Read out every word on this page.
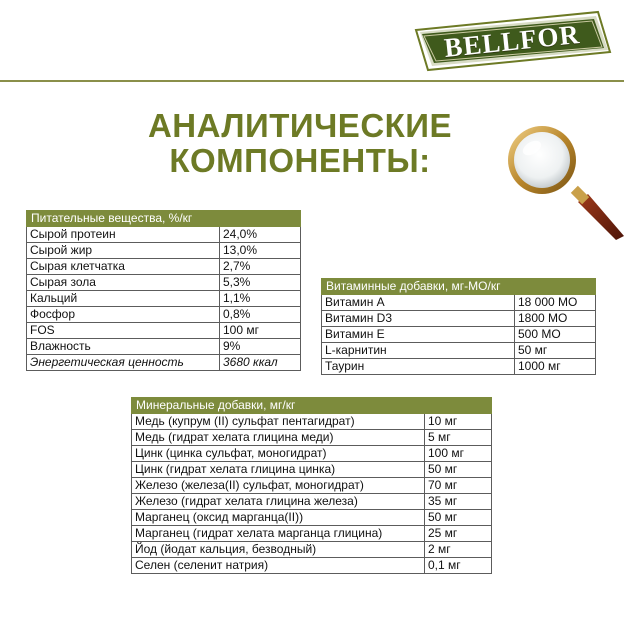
BELLFOR
АНАЛИТИЧЕСКИЕ
КОМПОНЕНТЫ:
Питательные вещества, %/кг	
Сырой протеин	24,0%
Сырой жир	13,0%
Сырая клетчатка	2,7%
Сырая зола	5,3%
Кальций	1,1%
Фосфор	0,8%
FOS	100 мг
Влажность	9%
Энергетическая ценность	3680 ккал
Витаминные добавки, мг-МО/кг	
Витамин А	18 000 МО
Витамин D3	1800 МО
Витамин Е	500 МО
L-карнитин	50 мг
Таурин	1000 мг
Минеральные добавки, мг/кг	
Медь (купрум (II) сульфат пентагидрат)	10 мг
Медь (гидрат хелата глицина меди)	5 мг
Цинк (цинка сульфат, моногидрат)	100 мг
Цинк (гидрат хелата глицина цинка)	50 мг
Железо (железа(II) сульфат, моногидрат)	70 мг
Железо (гидрат хелата глицина железа)	35 мг
Марганец (оксид марганца(II))	50 мг
Марганец (гидрат хелата марганца глицина)	25 мг
Йод (йодат кальция, безводный)	2 мг
Селен (селенит натрия)	0,1 мг
